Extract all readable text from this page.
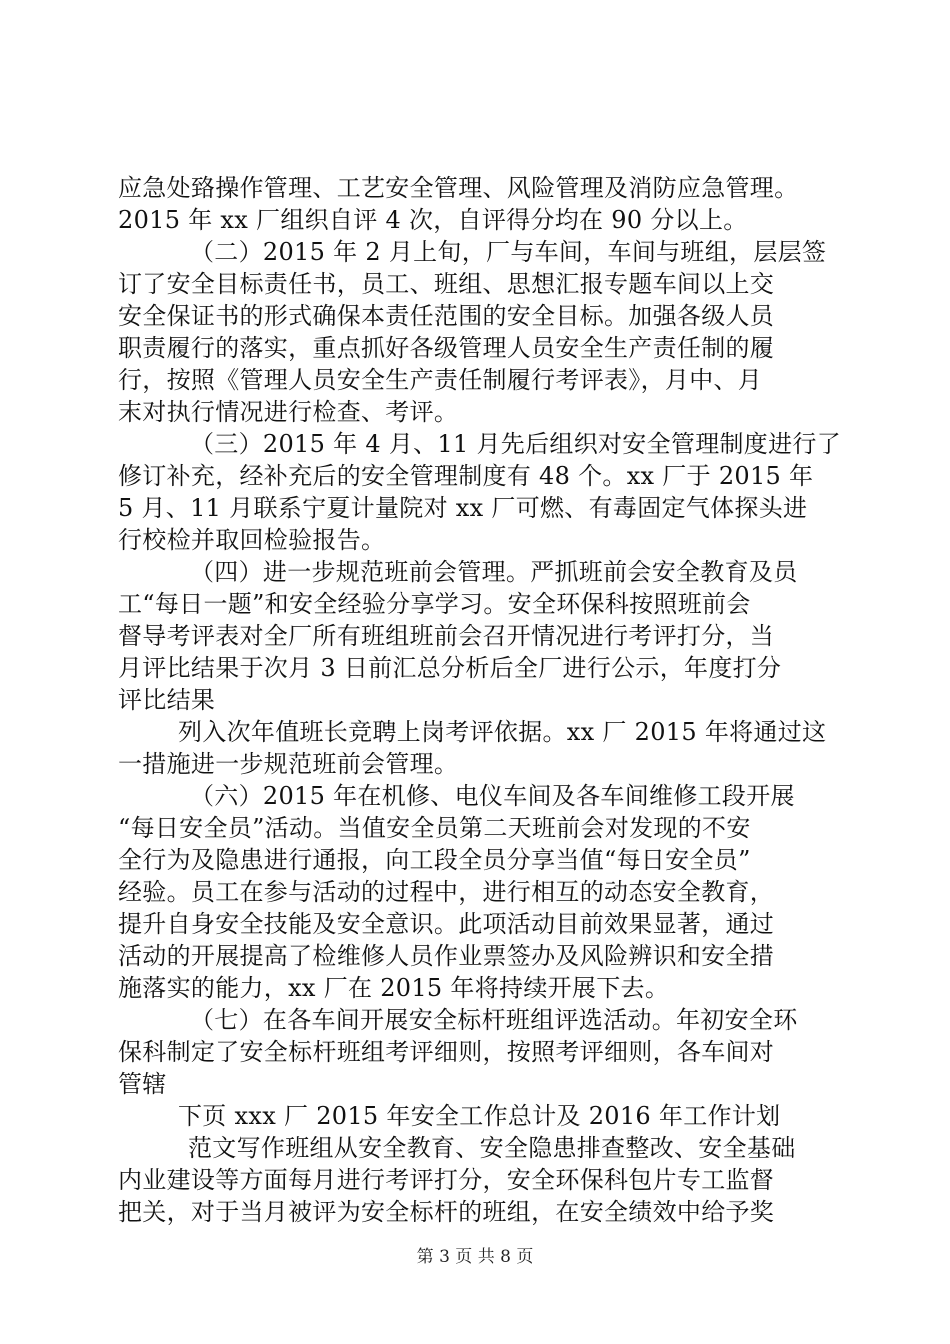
应急处臵操作管理、工艺安全管理、风险管理及消防应急管理。
2015 年 xx 厂组织自评 4 次，自评得分均在 90 分以上。
（二）2015 年 2 月上旬，厂与车间，车间与班组，层层签
订了安全目标责任书，员工、班组、思想汇报专题车间以上交
安全保证书的形式确保本责任范围的安全目标。加强各级人员
职责履行的落实，重点抓好各级管理人员安全生产责任制的履
行，按照《管理人员安全生产责任制履行考评表》，月中、月
末对执行情况进行检查、考评。
（三）2015 年 4 月、11 月先后组织对安全管理制度进行了
修订补充，经补充后的安全管理制度有 48 个。xx 厂于 2015 年
5 月、11 月联系宁夏计量院对 xx 厂可燃、有毒固定气体探头进
行校检并取回检验报告。
（四）进一步规范班前会管理。严抓班前会安全教育及员
工“每日一题”和安全经验分享学习。安全环保科按照班前会
督导考评表对全厂所有班组班前会召开情况进行考评打分，当
月评比结果于次月 3 日前汇总分析后全厂进行公示，年度打分
评比结果
列入次年值班长竞聘上岗考评依据。xx 厂 2015 年将通过这
一措施进一步规范班前会管理。
（六）2015 年在机修、电仪车间及各车间维修工段开展
“每日安全员”活动。当值安全员第二天班前会对发现的不安
全行为及隐患进行通报，向工段全员分享当值“每日安全员”
经验。员工在参与活动的过程中，进行相互的动态安全教育，
提升自身安全技能及安全意识。此项活动目前效果显著，通过
活动的开展提高了检维修人员作业票签办及风险辨识和安全措
施落实的能力，xx 厂在 2015 年将持续开展下去。
（七）在各车间开展安全标杆班组评选活动。年初安全环
保科制定了安全标杆班组考评细则，按照考评细则，各车间对
管辖
下页 xxx 厂 2015 年安全工作总计及 2016 年工作计划
范文写作班组从安全教育、安全隐患排查整改、安全基础
内业建设等方面每月进行考评打分，安全环保科包片专工监督
把关，对于当月被评为安全标杆的班组，在安全绩效中给予奖
第 3 页 共 8 页
